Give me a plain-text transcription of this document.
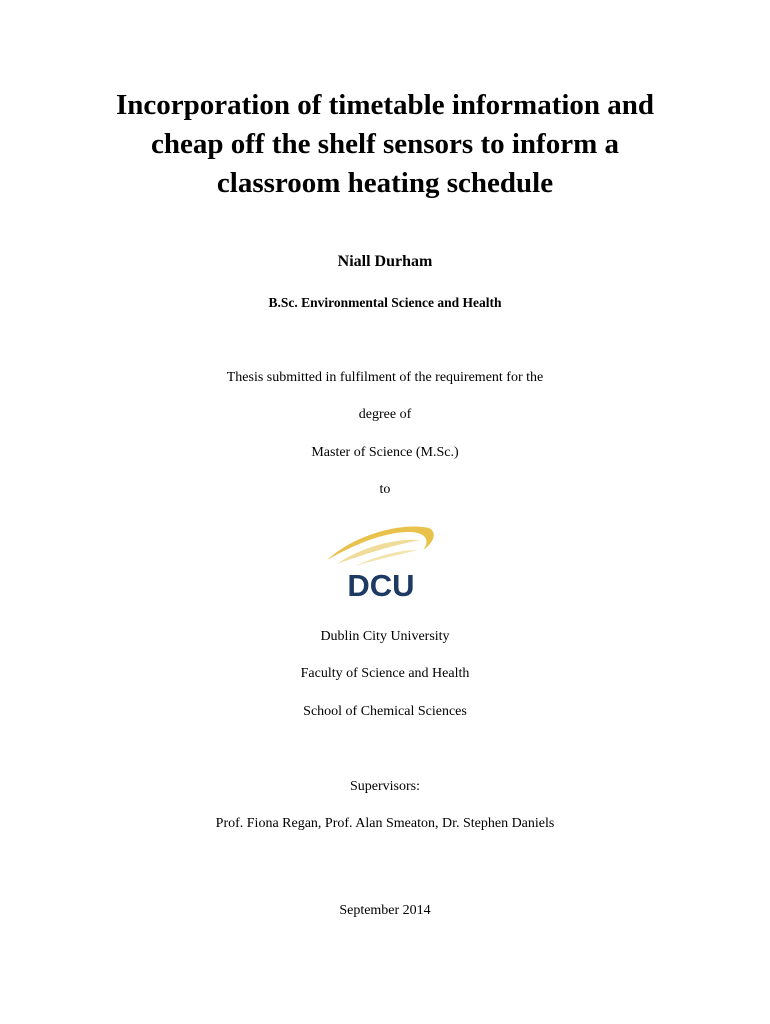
Incorporation of timetable information and
cheap off the shelf sensors to inform a
classroom heating schedule

Niall Durham

B.Sc. Environmental Science and Health

Thesis submitted in fulfilment of the requirement for the

degree of

Master of Science (M.Sc.)

to

DCU

Dublin City University

Faculty of Science and Health

School of Chemical Sciences

Supervisors:

Prof. Fiona Regan, Prof. Alan Smeaton, Dr. Stephen Daniels

September 2014
